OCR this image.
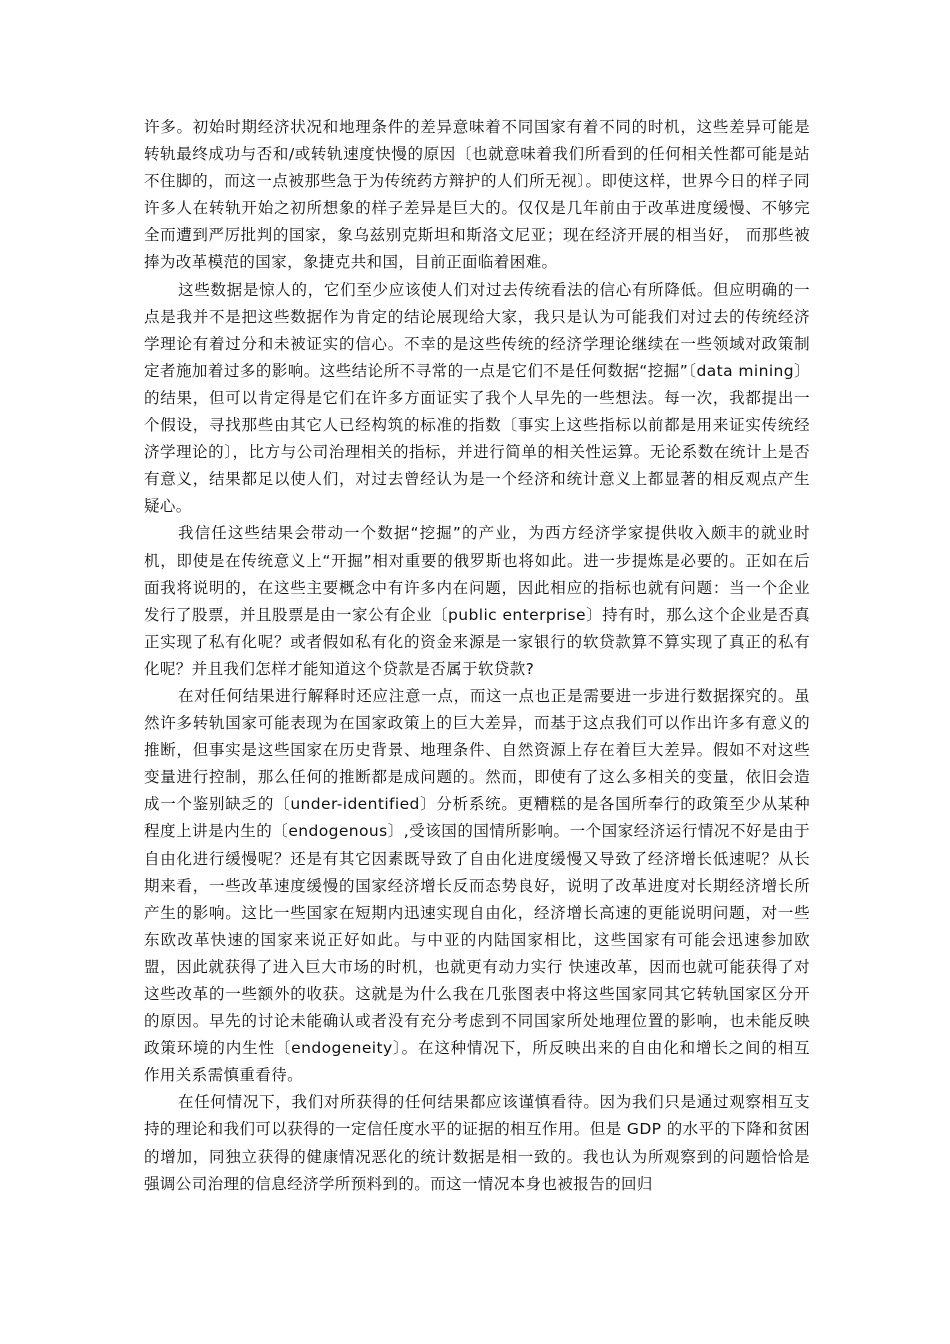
许多。初始时期经济状况和地理条件的差异意味着不同国家有着不同的时机，这些差异可能是转轨最终成功与否和/或转轨速度快慢的原因〔也就意味着我们所看到的任何相关性都可能是站不住脚的，而这一点被那些急于为传统药方辩护的人们所无视〕。即使这样，世界今日的样子同许多人在转轨开始之初所想象的样子差异是巨大的。仅仅是几年前由于改革进度缓慢、不够完全而遭到严厉批判的国家，象乌兹别克斯坦和斯洛文尼亚；现在经济开展的相当好， 而那些被捧为改革模范的国家，象捷克共和国，目前正面临着困难。

这些数据是惊人的，它们至少应该使人们对过去传统看法的信心有所降低。但应明确的一点是我并不是把这些数据作为肯定的结论展现给大家，我只是认为可能我们对过去的传统经济学理论有着过分和未被证实的信心。不幸的是这些传统的经济学理论继续在一些领域对政策制定者施加着过多的影响。这些结论所不寻常的一点是它们不是任何数据“挖掘”〔data mining〕的结果，但可以肯定得是它们在许多方面证实了我个人早先的一些想法。每一次，我都提出一个假设，寻找那些由其它人已经构筑的标准的指数〔事实上这些指标以前都是用来证实传统经济学理论的〕，比方与公司治理相关的指标，并进行简单的相关性运算。无论系数在统计上是否有意义，结果都足以使人们，对过去曾经认为是一个经济和统计意义上都显著的相反观点产生疑心。

我信任这些结果会带动一个数据“挖掘”的产业，为西方经济学家提供收入颇丰的就业时机，即使是在传统意义上“开掘”相对重要的俄罗斯也将如此。进一步提炼是必要的。正如在后面我将说明的，在这些主要概念中有许多内在问题，因此相应的指标也就有问题：当一个企业发行了股票，并且股票是由一家公有企业〔public enterprise〕持有时，那么这个企业是否真正实现了私有化呢？或者假如私有化的资金来源是一家银行的软贷款算不算实现了真正的私有化呢？并且我们怎样才能知道这个贷款是否属于软贷款?

在对任何结果进行解释时还应注意一点，而这一点也正是需要进一步进行数据探究的。虽然许多转轨国家可能表现为在国家政策上的巨大差异，而基于这点我们可以作出许多有意义的推断，但事实是这些国家在历史背景、地理条件、自然资源上存在着巨大差异。假如不对这些变量进行控制，那么任何的推断都是成问题的。然而，即使有了这么多相关的变量，依旧会造成一个鉴别缺乏的〔under-identified〕分析系统。更糟糕的是各国所奉行的政策至少从某种程度上讲是内生的〔endogenous〕,受该国的国情所影响。一个国家经济运行情况不好是由于自由化进行缓慢呢？还是有其它因素既导致了自由化进度缓慢又导致了经济增长低速呢？从长期来看，一些改革速度缓慢的国家经济增长反而态势良好，说明了改革进度对长期经济增长所产生的影响。这比一些国家在短期内迅速实现自由化，经济增长高速的更能说明问题，对一些东欧改革快速的国家来说正好如此。与中亚的内陆国家相比，这些国家有可能会迅速参加欧盟，因此就获得了进入巨大市场的时机，也就更有动力实行 快速改革，因而也就可能获得了对这些改革的一些额外的收获。这就是为什么我在几张图表中将这些国家同其它转轨国家区分开的原因。早先的讨论未能确认或者没有充分考虑到不同国家所处地理位置的影响，也未能反映政策环境的内生性〔endogeneity〕。在这种情况下，所反映出来的自由化和增长之间的相互作用关系需慎重看待。

在任何情况下，我们对所获得的任何结果都应该谨慎看待。因为我们只是通过观察相互支持的理论和我们可以获得的一定信任度水平的证据的相互作用。但是 GDP 的水平的下降和贫困的增加，同独立获得的健康情况恶化的统计数据是相一致的。我也认为所观察到的问题恰恰是强调公司治理的信息经济学所预料到的。而这一情况本身也被报告的回归
